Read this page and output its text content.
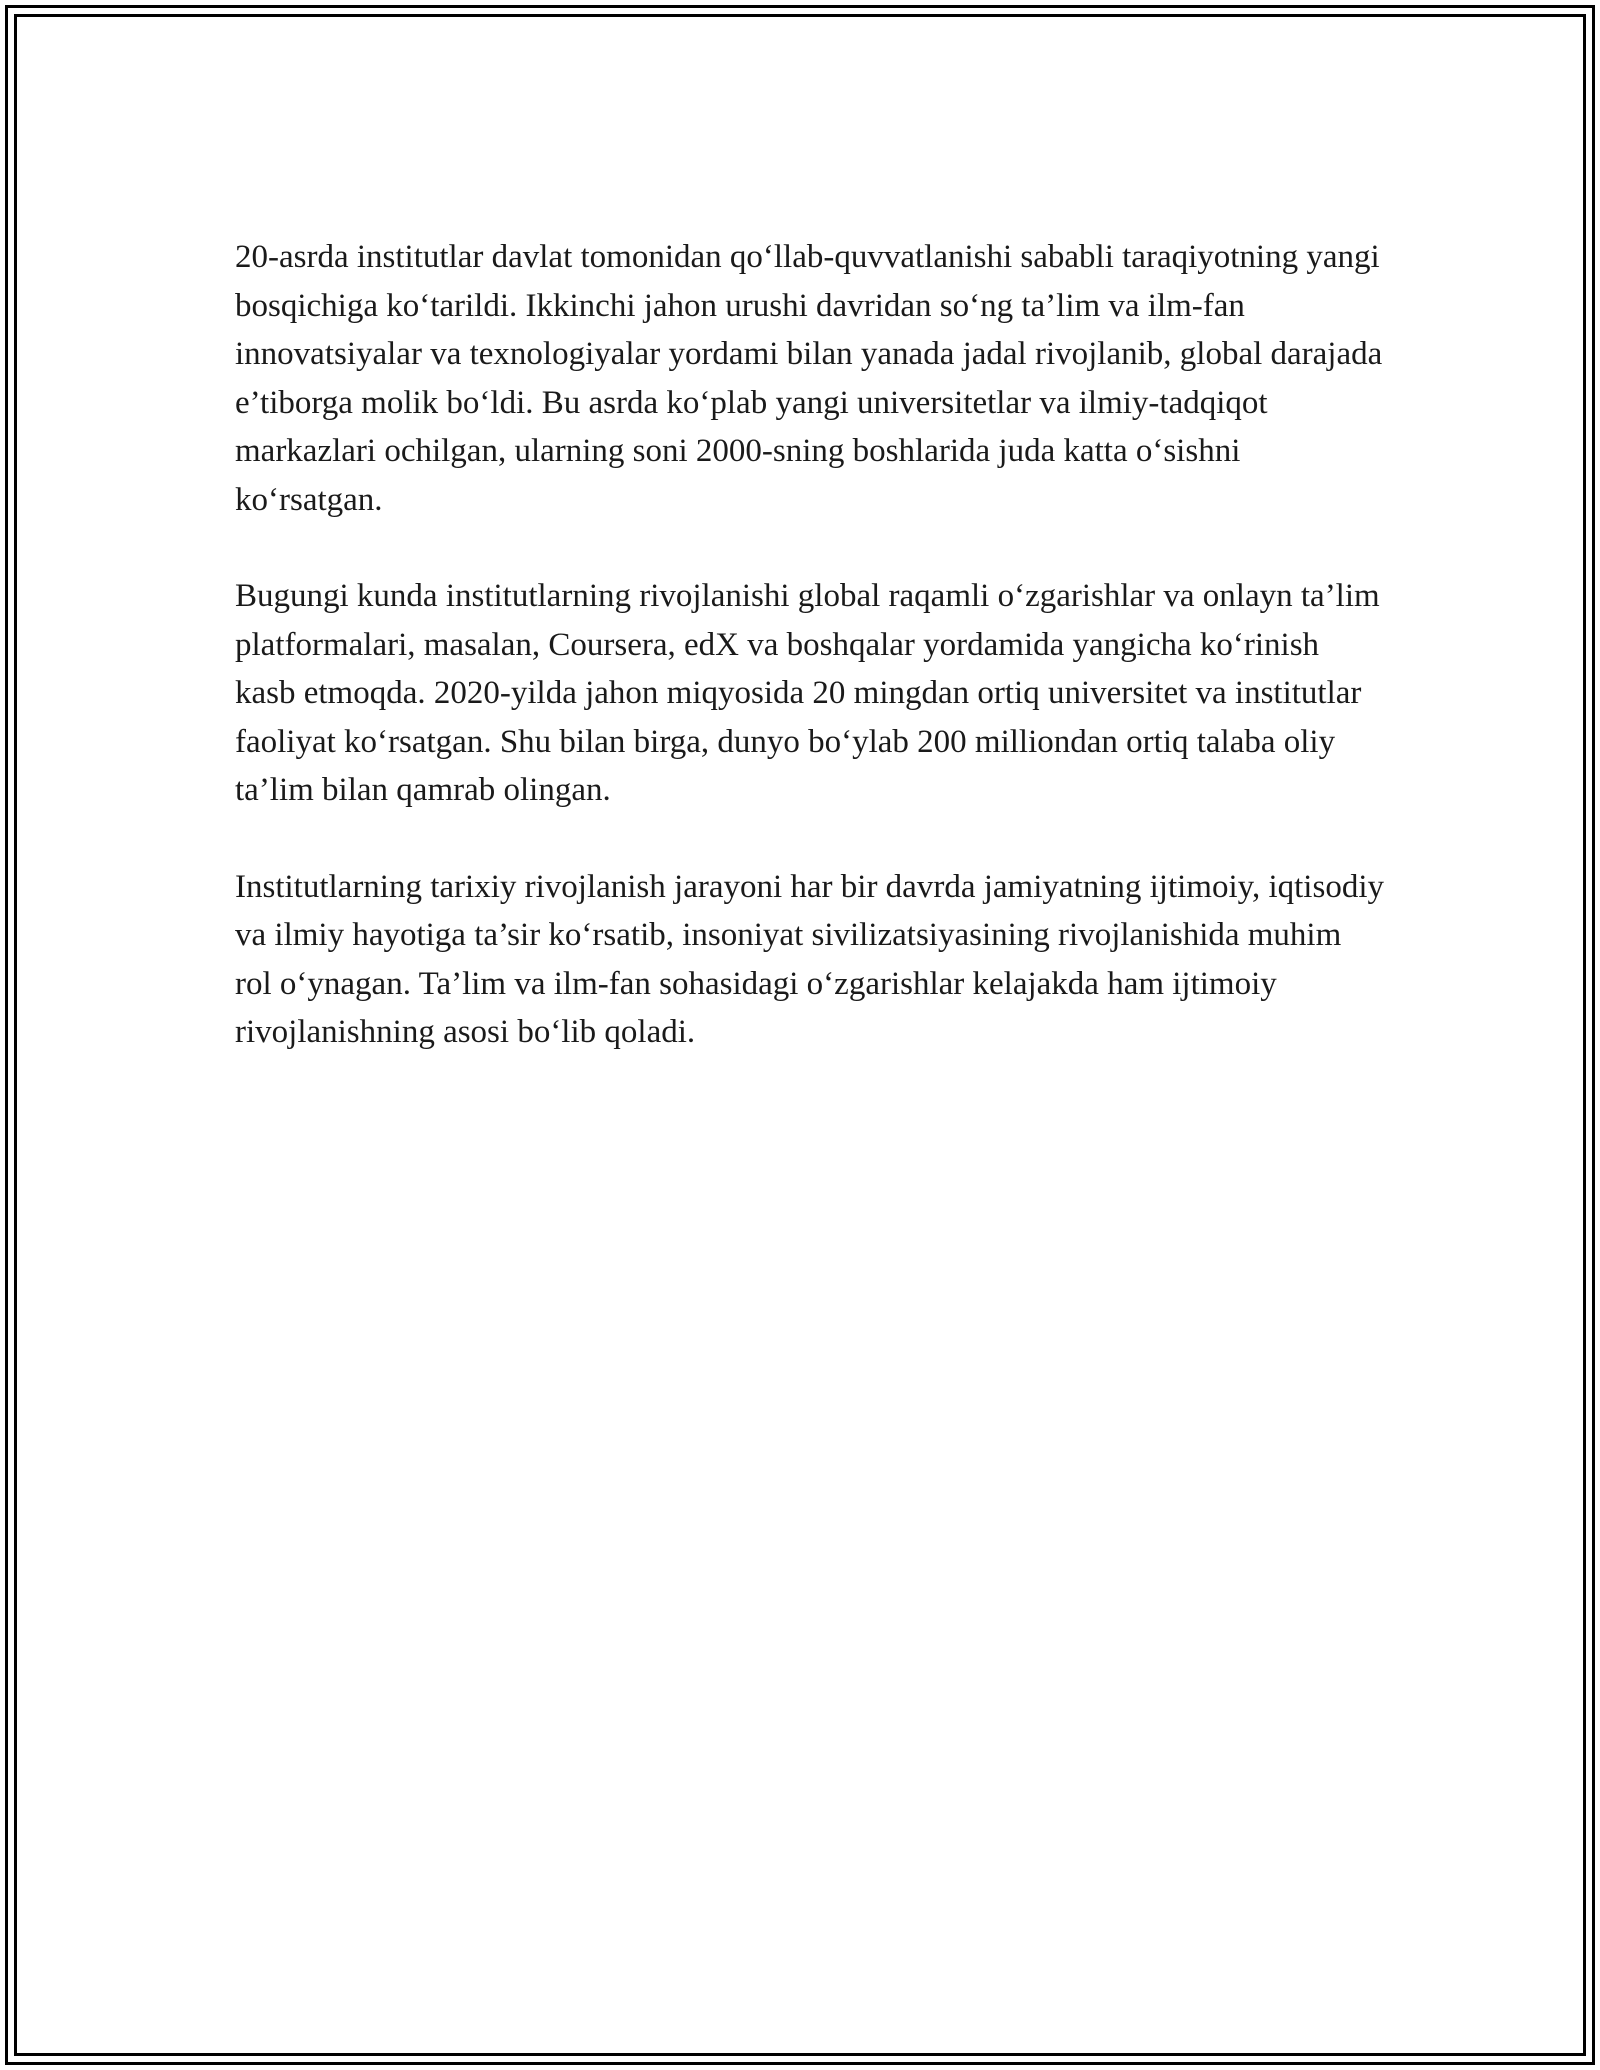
20-asrda institutlar davlat tomonidan qo‘llab-quvvatlanishi sababli taraqiyotning yangi bosqichiga ko‘tarildi. Ikkinchi jahon urushi davridan so‘ng ta’lim va ilm-fan innovatsiyalar va texnologiyalar yordami bilan yanada jadal rivojlanib, global darajada e’tiborga molik bo‘ldi. Bu asrda ko‘plab yangi universitetlar va ilmiy-tadqiqot markazlari ochilgan, ularning soni 2000-sning boshlarida juda katta o‘sishni ko‘rsatgan.

Bugungi kunda institutlarning rivojlanishi global raqamli o‘zgarishlar va onlayn ta’lim platformalari, masalan, Coursera, edX va boshqalar yordamida yangicha ko‘rinish kasb etmoqda. 2020-yilda jahon miqyosida 20 mingdan ortiq universitet va institutlar faoliyat ko‘rsatgan. Shu bilan birga, dunyo bo‘ylab 200 milliondan ortiq talaba oliy ta’lim bilan qamrab olingan.

Institutlarning tarixiy rivojlanish jarayoni har bir davrda jamiyatning ijtimoiy, iqtisodiy va ilmiy hayotiga ta’sir ko‘rsatib, insoniyat sivilizatsiyasining rivojlanishida muhim rol o‘ynagan. Ta’lim va ilm-fan sohasidagi o‘zgarishlar kelajakda ham ijtimoiy rivojlanishning asosi bo‘lib qoladi.
